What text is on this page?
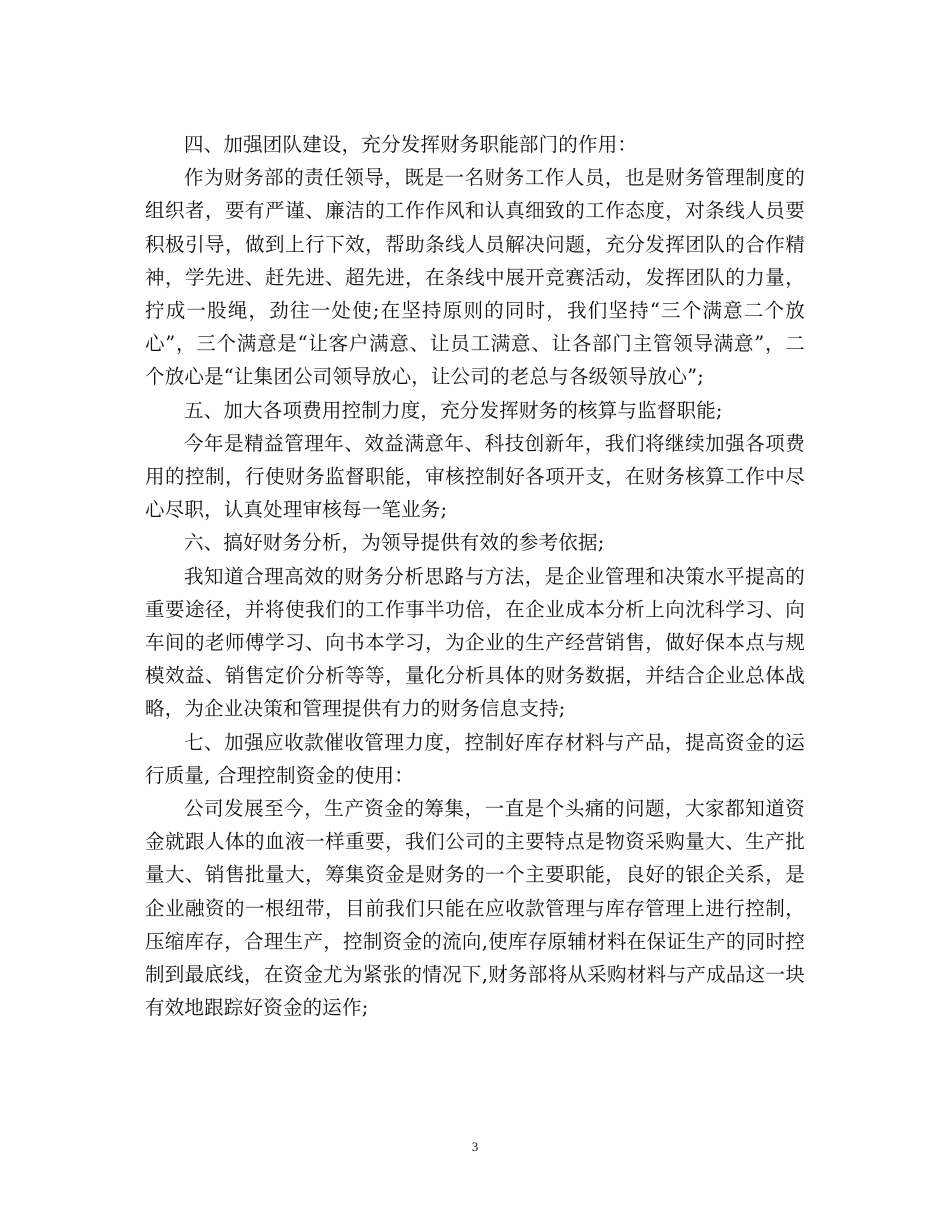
四、加强团队建设，充分发挥财务职能部门的作用：

作为财务部的责任领导，既是一名财务工作人员，也是财务管理制度的组织者，要有严谨、廉洁的工作作风和认真细致的工作态度，对条线人员要积极引导，做到上行下效，帮助条线人员解决问题，充分发挥团队的合作精神，学先进、赶先进、超先进，在条线中展开竞赛活动，发挥团队的力量，拧成一股绳，劲往一处使;在坚持原则的同时，我们坚持“三个满意二个放心”，三个满意是“让客户满意、让员工满意、让各部门主管领导满意”，二个放心是“让集团公司领导放心，让公司的老总与各级领导放心”;

五、加大各项费用控制力度，充分发挥财务的核算与监督职能;

今年是精益管理年、效益满意年、科技创新年，我们将继续加强各项费用的控制，行使财务监督职能，审核控制好各项开支，在财务核算工作中尽心尽职，认真处理审核每一笔业务;

六、搞好财务分析，为领导提供有效的参考依据;

我知道合理高效的财务分析思路与方法，是企业管理和决策水平提高的重要途径，并将使我们的工作事半功倍，在企业成本分析上向沈科学习、向车间的老师傅学习、向书本学习，为企业的生产经营销售，做好保本点与规模效益、销售定价分析等等，量化分析具体的财务数据，并结合企业总体战略，为企业决策和管理提供有力的财务信息支持;

七、加强应收款催收管理力度，控制好库存材料与产品，提高资金的运行质量, 合理控制资金的使用：

公司发展至今，生产资金的筹集，一直是个头痛的问题，大家都知道资金就跟人体的血液一样重要，我们公司的主要特点是物资采购量大、生产批量大、销售批量大，筹集资金是财务的一个主要职能，良好的银企关系，是企业融资的一根纽带，目前我们只能在应收款管理与库存管理上进行控制，压缩库存，合理生产，控制资金的流向,使库存原辅材料在保证生产的同时控制到最底线，在资金尤为紧张的情况下,财务部将从采购材料与产成品这一块有效地跟踪好资金的运作;

3
